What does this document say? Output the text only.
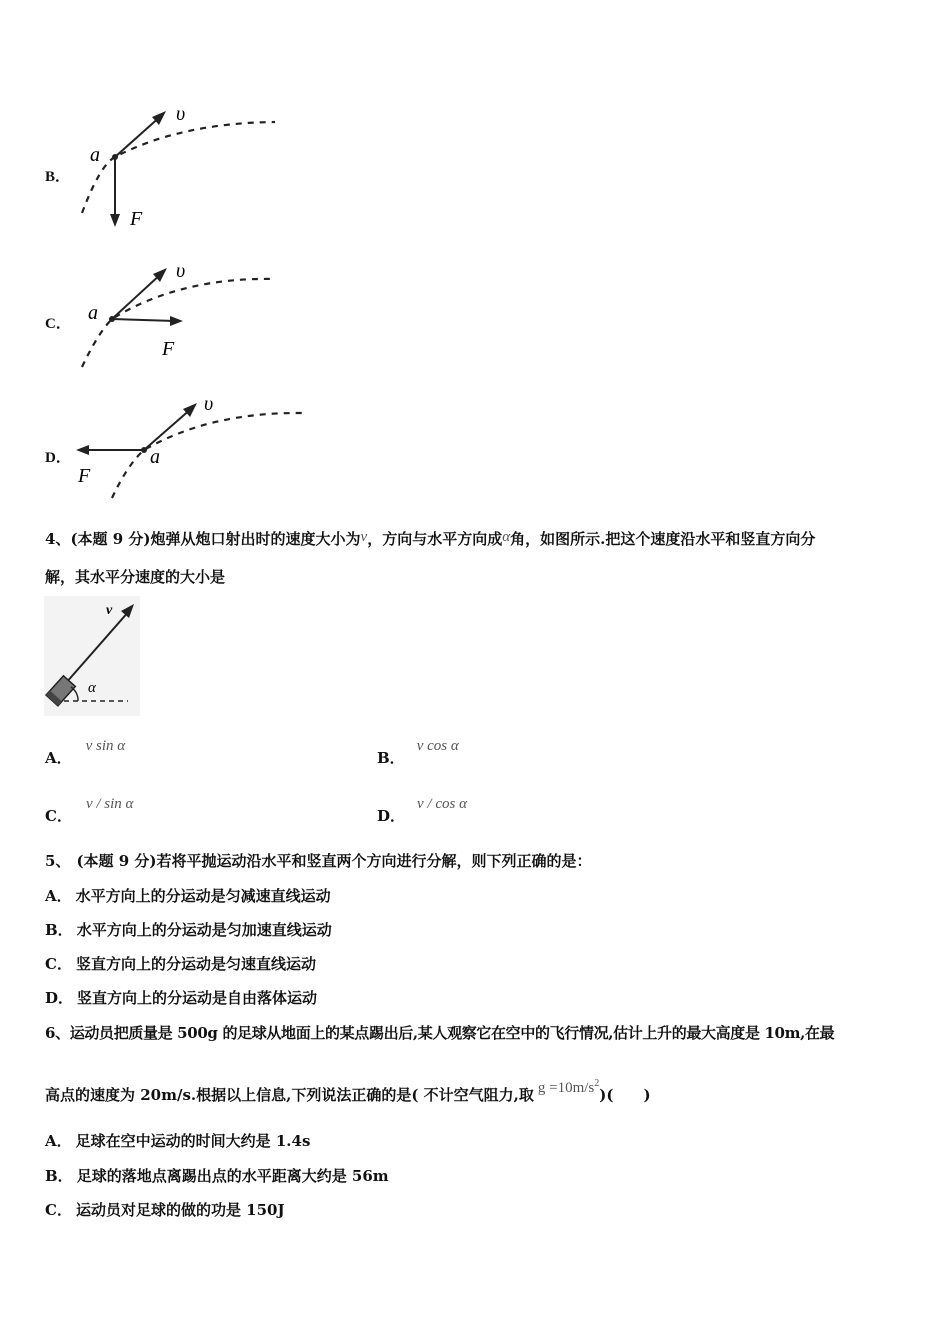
B．
υ
a
F
C．
υ
a
F
D．
υ
a
F
4、(本题 9 分)炮弹从炮口射出时的速度大小为v，方向与水平方向成α角，如图所示.把这个速度沿水平和竖直方向分
解，其水平分速度的大小是
v
α
A．v sin α
B．v cos α
C．v / sin α
D．v / cos α
5、 (本题 9 分)若将平抛运动沿水平和竖直两个方向进行分解，则下列正确的是：
A． 水平方向上的分运动是匀减速直线运动
B． 水平方向上的分运动是匀加速直线运动
C． 竖直方向上的分运动是匀速直线运动
D． 竖直方向上的分运动是自由落体运动
6、运动员把质量是 500g 的足球从地面上的某点踢出后,某人观察它在空中的飞行情况,估计上升的最大高度是 10m,在最
高点的速度为 20m/s.根据以上信息,下列说法正确的是( 不计空气阻力,取 $g =10m/s^2$)(　　)
A． 足球在空中运动的时间大约是 1.4s
B． 足球的落地点离踢出点的水平距离大约是 56m
C． 运动员对足球的做的功是 150J
